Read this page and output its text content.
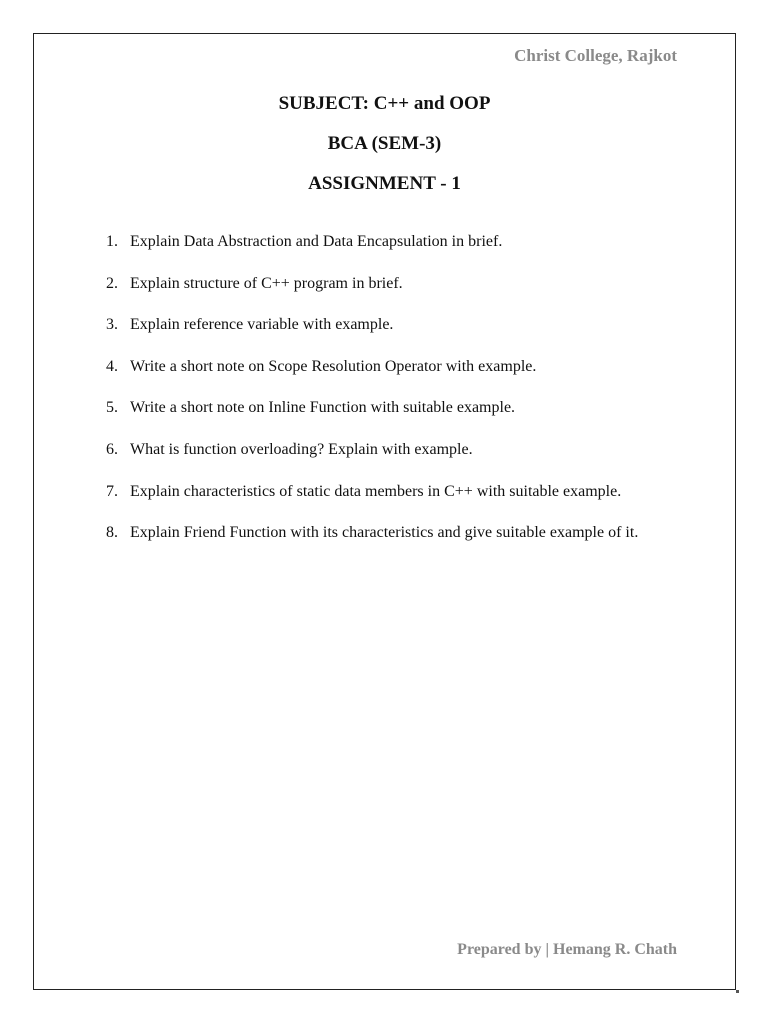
Christ College, Rajkot
SUBJECT: C++ and OOP
BCA (SEM-3)
ASSIGNMENT - 1
1. Explain Data Abstraction and Data Encapsulation in brief.
2. Explain structure of C++ program in brief.
3. Explain reference variable with example.
4. Write a short note on Scope Resolution Operator with example.
5. Write a short note on Inline Function with suitable example.
6. What is function overloading? Explain with example.
7. Explain characteristics of static data members in C++ with suitable example.
8. Explain Friend Function with its characteristics and give suitable example of it.
Prepared by | Hemang R. Chath
